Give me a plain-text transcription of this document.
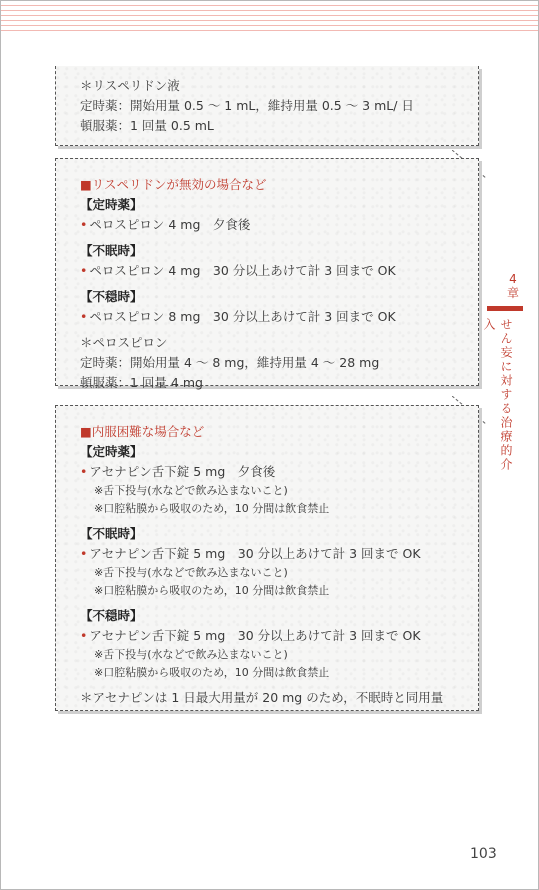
＊リスペリドン液
定時薬：開始用量 0.5 ～ 1 mL，維持用量 0.5 ～ 3 mL/ 日
頓服薬：1 回量 0.5 mL
■リスペリドンが無効の場合など
【定時薬】
• ペロスピロン 4 mg　夕食後
【不眠時】
• ペロスピロン 4 mg　30 分以上あけて計 3 回まで OK
【不穏時】
• ペロスピロン 8 mg　30 分以上あけて計 3 回まで OK
＊ペロスピロン
定時薬：開始用量 4 ～ 8 mg，維持用量 4 ～ 28 mg
頓服薬：1 回量 4 mg
■内服困難な場合など
【定時薬】
• アセナピン舌下錠 5 mg　夕食後
※舌下投与(水などで飲み込まないこと)
※口腔粘膜から吸収のため，10 分間は飲食禁止
【不眠時】
• アセナピン舌下錠 5 mg　30 分以上あけて計 3 回まで OK
※舌下投与(水などで飲み込まないこと)
※口腔粘膜から吸収のため，10 分間は飲食禁止
【不穏時】
• アセナピン舌下錠 5 mg　30 分以上あけて計 3 回まで OK
※舌下投与(水などで飲み込まないこと)
※口腔粘膜から吸収のため，10 分間は飲食禁止
＊アセナピンは 1 日最大用量が 20 mg のため，不眠時と同用量
4
章
せん妄に対する治療的介入
103
